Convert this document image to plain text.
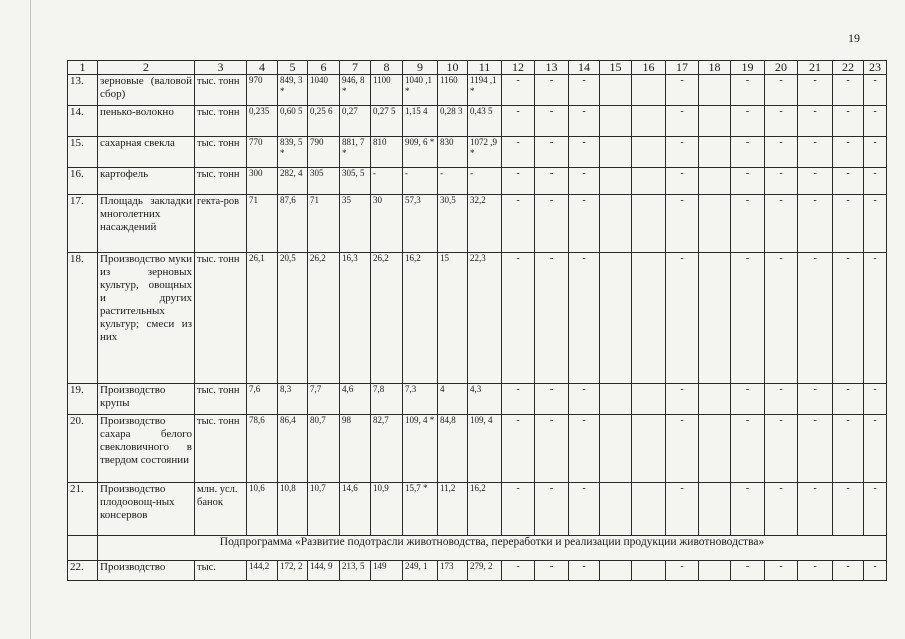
19
1	2	3	4	5	6	7	8	9	10	11	12	13	14	15	16	17	18	19	20	21	22	23
13.	зерновые (валовой сбор)	тыс. тонн	970	849, 3 *	1040	946, 8 *	1100	1040 ,1 *	1160	1194 ,1 *	-	-	-			-		-	-	-	-	-
14.	пенько-волокно	тыс. тонн	0,235	0,60 5	0,25 6	0,27	0,27 5	1,15 4	0,28 3	0,43 5	-	-	-			-		-	-	-	-	-
15.	сахарная свекла	тыс. тонн	770	839, 5 *	790	881, 7 *	810	909, 6 *	830	1072 ,9 *	-	-	-			-		-	-	-	-	-
16.	картофель	тыс. тонн	300	282, 4	305	305, 5	-	-	-	-	-	-	-			-		-	-	-	-	-
17.	Площадь закладки многолетних насаждений	гекта-ров	71	87,6	71	35	30	57,3	30,5	32,2	-	-	-			-		-	-	-	-	-
18.	Производство муки из зерновых культур, овощных и других растительных культур; смеси из них	тыс. тонн	26,1	20,5	26,2	16,3	26,2	16,2	15	22,3	-	-	-			-		-	-	-	-	-
19.	Производство крупы	тыс. тонн	7,6	8,3	7,7	4,6	7,8	7,3	4	4,3	-	-	-			-		-	-	-	-	-
20.	Производство сахара белого свекловичного в твердом состоянии	тыс. тонн	78,6	86,4	80,7	98	82,7	109, 4 *	84,8	109, 4	-	-	-			-		-	-	-	-	-
21.	Производство плодоовощ-ных консервов	млн. усл. банок	10,6	10,8	10,7	14,6	10,9	15,7 *	11,2	16,2	-	-	-			-		-	-	-	-	-
	Подпрограмма «Развитие подотрасли животноводства, переработки и реализации продукции животноводства»																					
22.	Производство	тыс.	144,2	172, 2	144, 9	213, 5	149	249, 1	173	279, 2	-	-	-			-		-	-	-	-	-
